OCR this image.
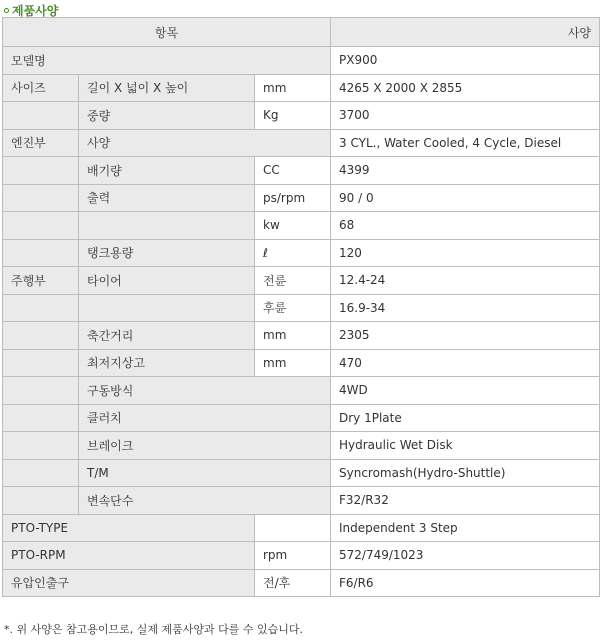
제품사양
항목			사양
모델명			PX900
사이즈	길이 X 넓이 X 높이	mm	4265 X 2000 X 2855
	중량	Kg	3700
엔진부	사양		3 CYL., Water Cooled, 4 Cycle, Diesel
	배기량	CC	4399
	출력	ps/rpm	90 / 0
		kw	68
	탱크용량	ℓ	120
주행부	타이어	전륜	12.4-24
		후륜	16.9-34
	축간거리	mm	2305
	최저지상고	mm	470
	구동방식		4WD
	클러치		Dry 1Plate
	브레이크		Hydraulic Wet Disk
	T/M		Syncromash(Hydro-Shuttle)
	변속단수		F32/R32
PTO-TYPE			Independent 3 Step
PTO-RPM		rpm	572/749/1023
유압인출구		전/후	F6/R6
*. 위 사양은 참고용이므로, 실제 제품사양과 다를 수 있습니다.
